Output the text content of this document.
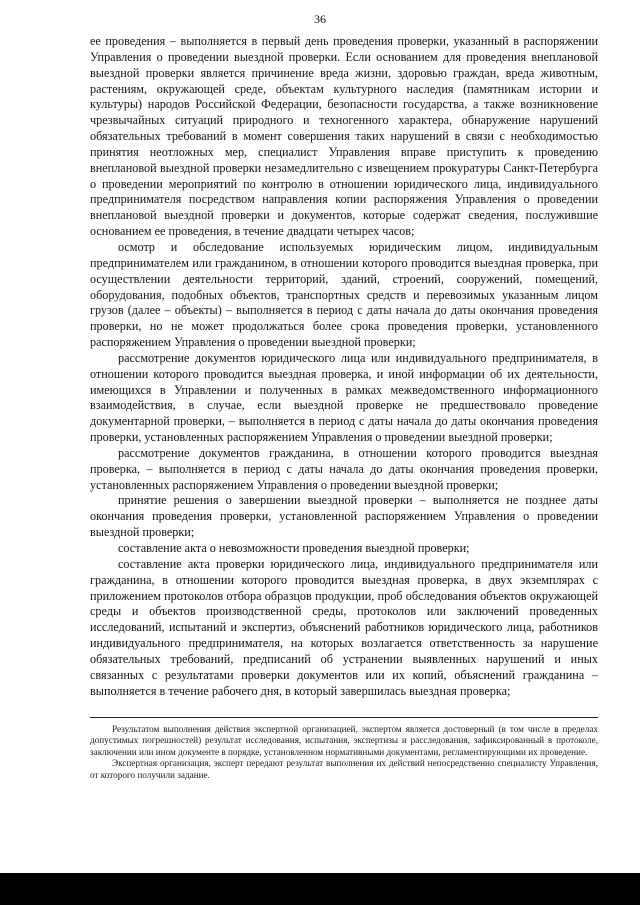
36

ее проведения – выполняется в первый день проведения проверки, указанный в распоряжении Управления о проведении выездной проверки. Если основанием для проведения внеплановой выездной проверки является причинение вреда жизни, здоровью граждан, вреда животным, растениям, окружающей среде, объектам культурного наследия (памятникам истории и культуры) народов Российской Федерации, безопасности государства, а также возникновение чрезвычайных ситуаций природного и техногенного характера, обнаружение нарушений обязательных требований в момент совершения таких нарушений в связи с необходимостью принятия неотложных мер, специалист Управления вправе приступить к проведению внеплановой выездной проверки незамедлительно с извещением прокуратуры Санкт-Петербурга о проведении мероприятий по контролю в отношении юридического лица, индивидуального предпринимателя посредством направления копии распоряжения Управления о проведении внеплановой выездной проверки и документов, которые содержат сведения, послужившие основанием ее проведения, в течение двадцати четырех часов;

осмотр и обследование используемых юридическим лицом, индивидуальным предпринимателем или гражданином, в отношении которого проводится выездная проверка, при осуществлении деятельности территорий, зданий, строений, сооружений, помещений, оборудования, подобных объектов, транспортных средств и перевозимых указанным лицом грузов (далее – объекты) – выполняется в период с даты начала до даты окончания проведения проверки, но не может продолжаться более срока проведения проверки, установленного распоряжением Управления о проведении выездной проверки;

рассмотрение документов юридического лица или индивидуального предпринимателя, в отношении которого проводится выездная проверка, и иной информации об их деятельности, имеющихся в Управлении и полученных в рамках межведомственного информационного взаимодействия, в случае, если выездной проверке не предшествовало проведение документарной проверки, – выполняется в период с даты начала до даты окончания проведения проверки, установленных распоряжением Управления о проведении выездной проверки;

рассмотрение документов гражданина, в отношении которого проводится выездная проверка, – выполняется в период с даты начала до даты окончания проведения проверки, установленных распоряжением Управления о проведении выездной проверки;

принятие решения о завершении выездной проверки – выполняется не позднее даты окончания проведения проверки, установленной распоряжением Управления о проведении выездной проверки;

составление акта о невозможности проведения выездной проверки;

составление акта проверки юридического лица, индивидуального предпринимателя или гражданина, в отношении которого проводится выездная проверка, в двух экземплярах с приложением протоколов отбора образцов продукции, проб обследования объектов окружающей среды и объектов производственной среды, протоколов или заключений проведенных исследований, испытаний и экспертиз, объяснений работников юридического лица, работников индивидуального предпринимателя, на которых возлагается ответственность за нарушение обязательных требований, предписаний об устранении выявленных нарушений и иных связанных с результатами проверки документов или их копий, объяснений гражданина – выполняется в течение рабочего дня, в который завершилась выездная проверка;

Результатом выполнения действия экспертной организацией, экспертом является достоверный (в том числе в пределах допустимых погрешностей) результат исследования, испытания, экспертизы и расследования, зафиксированный в протоколе, заключении или ином документе в порядке, установленном нормативными документами, регламентирующими их проведение.

Экспертная организация, эксперт передают результат выполнения их действий непосредственно специалисту Управления, от которого получили задание.
